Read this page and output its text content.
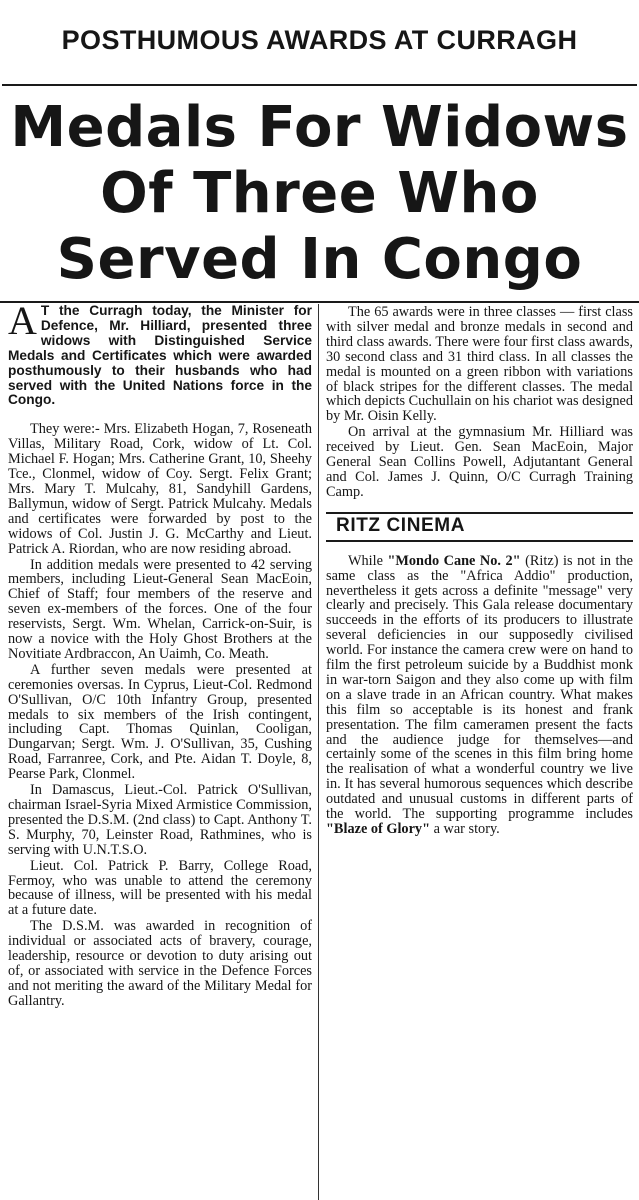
POSTHUMOUS AWARDS AT CURRAGH
Medals For Widows
Of Three Who
Served In Congo

A T the Curragh today, the Minister for Defence, Mr. Hilliard, presented three widows with Distinguished Service Medals and Certificates which were awarded posthumously to their husbands who had served with the United Nations force in the Congo.

They were:- Mrs. Elizabeth Hogan, 7, Roseneath Villas, Military Road, Cork, widow of Lt. Col. Michael F. Hogan; Mrs. Catherine Grant, 10, Sheehy Tce., Clonmel, widow of Coy. Sergt. Felix Grant; Mrs. Mary T. Mulcahy, 81, Sandyhill Gardens, Ballymun, widow of Sergt. Patrick Mulcahy. Medals and certificates were forwarded by post to the widows of Col. Justin J. G. McCarthy and Lieut. Patrick A. Riordan, who are now residing abroad.

In addition medals were presented to 42 serving members, including Lieut-General Sean MacEoin, Chief of Staff; four members of the reserve and seven ex-members of the forces. One of the four reservists, Sergt. Wm. Whelan, Carrick-on-Suir, is now a novice with the Holy Ghost Brothers at the Novitiate Ardbraccon, An Uaimh, Co. Meath.

A further seven medals were presented at ceremonies oversas. In Cyprus, Lieut-Col. Redmond O'Sullivan, O/C 10th Infantry Group, presented medals to six members of the Irish contingent, including Capt. Thomas Quinlan, Cooligan, Dungarvan; Sergt. Wm. J. O'Sullivan, 35, Cushing Road, Farranree, Cork, and Pte. Aidan T. Doyle, 8, Pearse Park, Clonmel.

In Damascus, Lieut.-Col. Patrick O'Sullivan, chairman Israel-Syria Mixed Armistice Commission, presented the D.S.M. (2nd class) to Capt. Anthony T. S. Murphy, 70, Leinster Road, Rathmines, who is serving with U.N.T.S.O.

Lieut. Col. Patrick P. Barry, College Road, Fermoy, who was unable to attend the ceremony because of illness, will be presented with his medal at a future date.

The D.S.M. was awarded in recognition of individual or associated acts of bravery, courage, leadership, resource or devotion to duty arising out of, or associated with service in the Defence Forces and not meriting the award of the Military Medal for Gallantry.

The 65 awards were in three classes — first class with silver medal and bronze medals in second and third class awards. There were four first class awards, 30 second class and 31 third class. In all classes the medal is mounted on a green ribbon with variations of black stripes for the different classes. The medal which depicts Cuchullain on his chariot was designed by Mr. Oisin Kelly.

On arrival at the gymnasium Mr. Hilliard was received by Lieut. Gen. Sean MacEoin, Major General Sean Collins Powell, Adjutantant General and Col. James J. Quinn, O/C Curragh Training Camp.

RITZ CINEMA

While "Mondo Cane No. 2" (Ritz) is not in the same class as the "Africa Addio" production, nevertheless it gets across a definite "message" very clearly and precisely. This Gala release documentary succeeds in the efforts of its producers to illustrate several deficiencies in our supposedly civilised world. For instance the camera crew were on hand to film the first petroleum suicide by a Buddhist monk in war-torn Saigon and they also come up with film on a slave trade in an African country. What makes this film so acceptable is its honest and frank presentation. The film cameramen present the facts and the audience judge for themselves—and certainly some of the scenes in this film bring home the realisation of what a wonderful country we live in. It has several humorous sequences which describe outdated and unusual customs in different parts of the world. The supporting programme includes "Blaze of Glory" a war story.
